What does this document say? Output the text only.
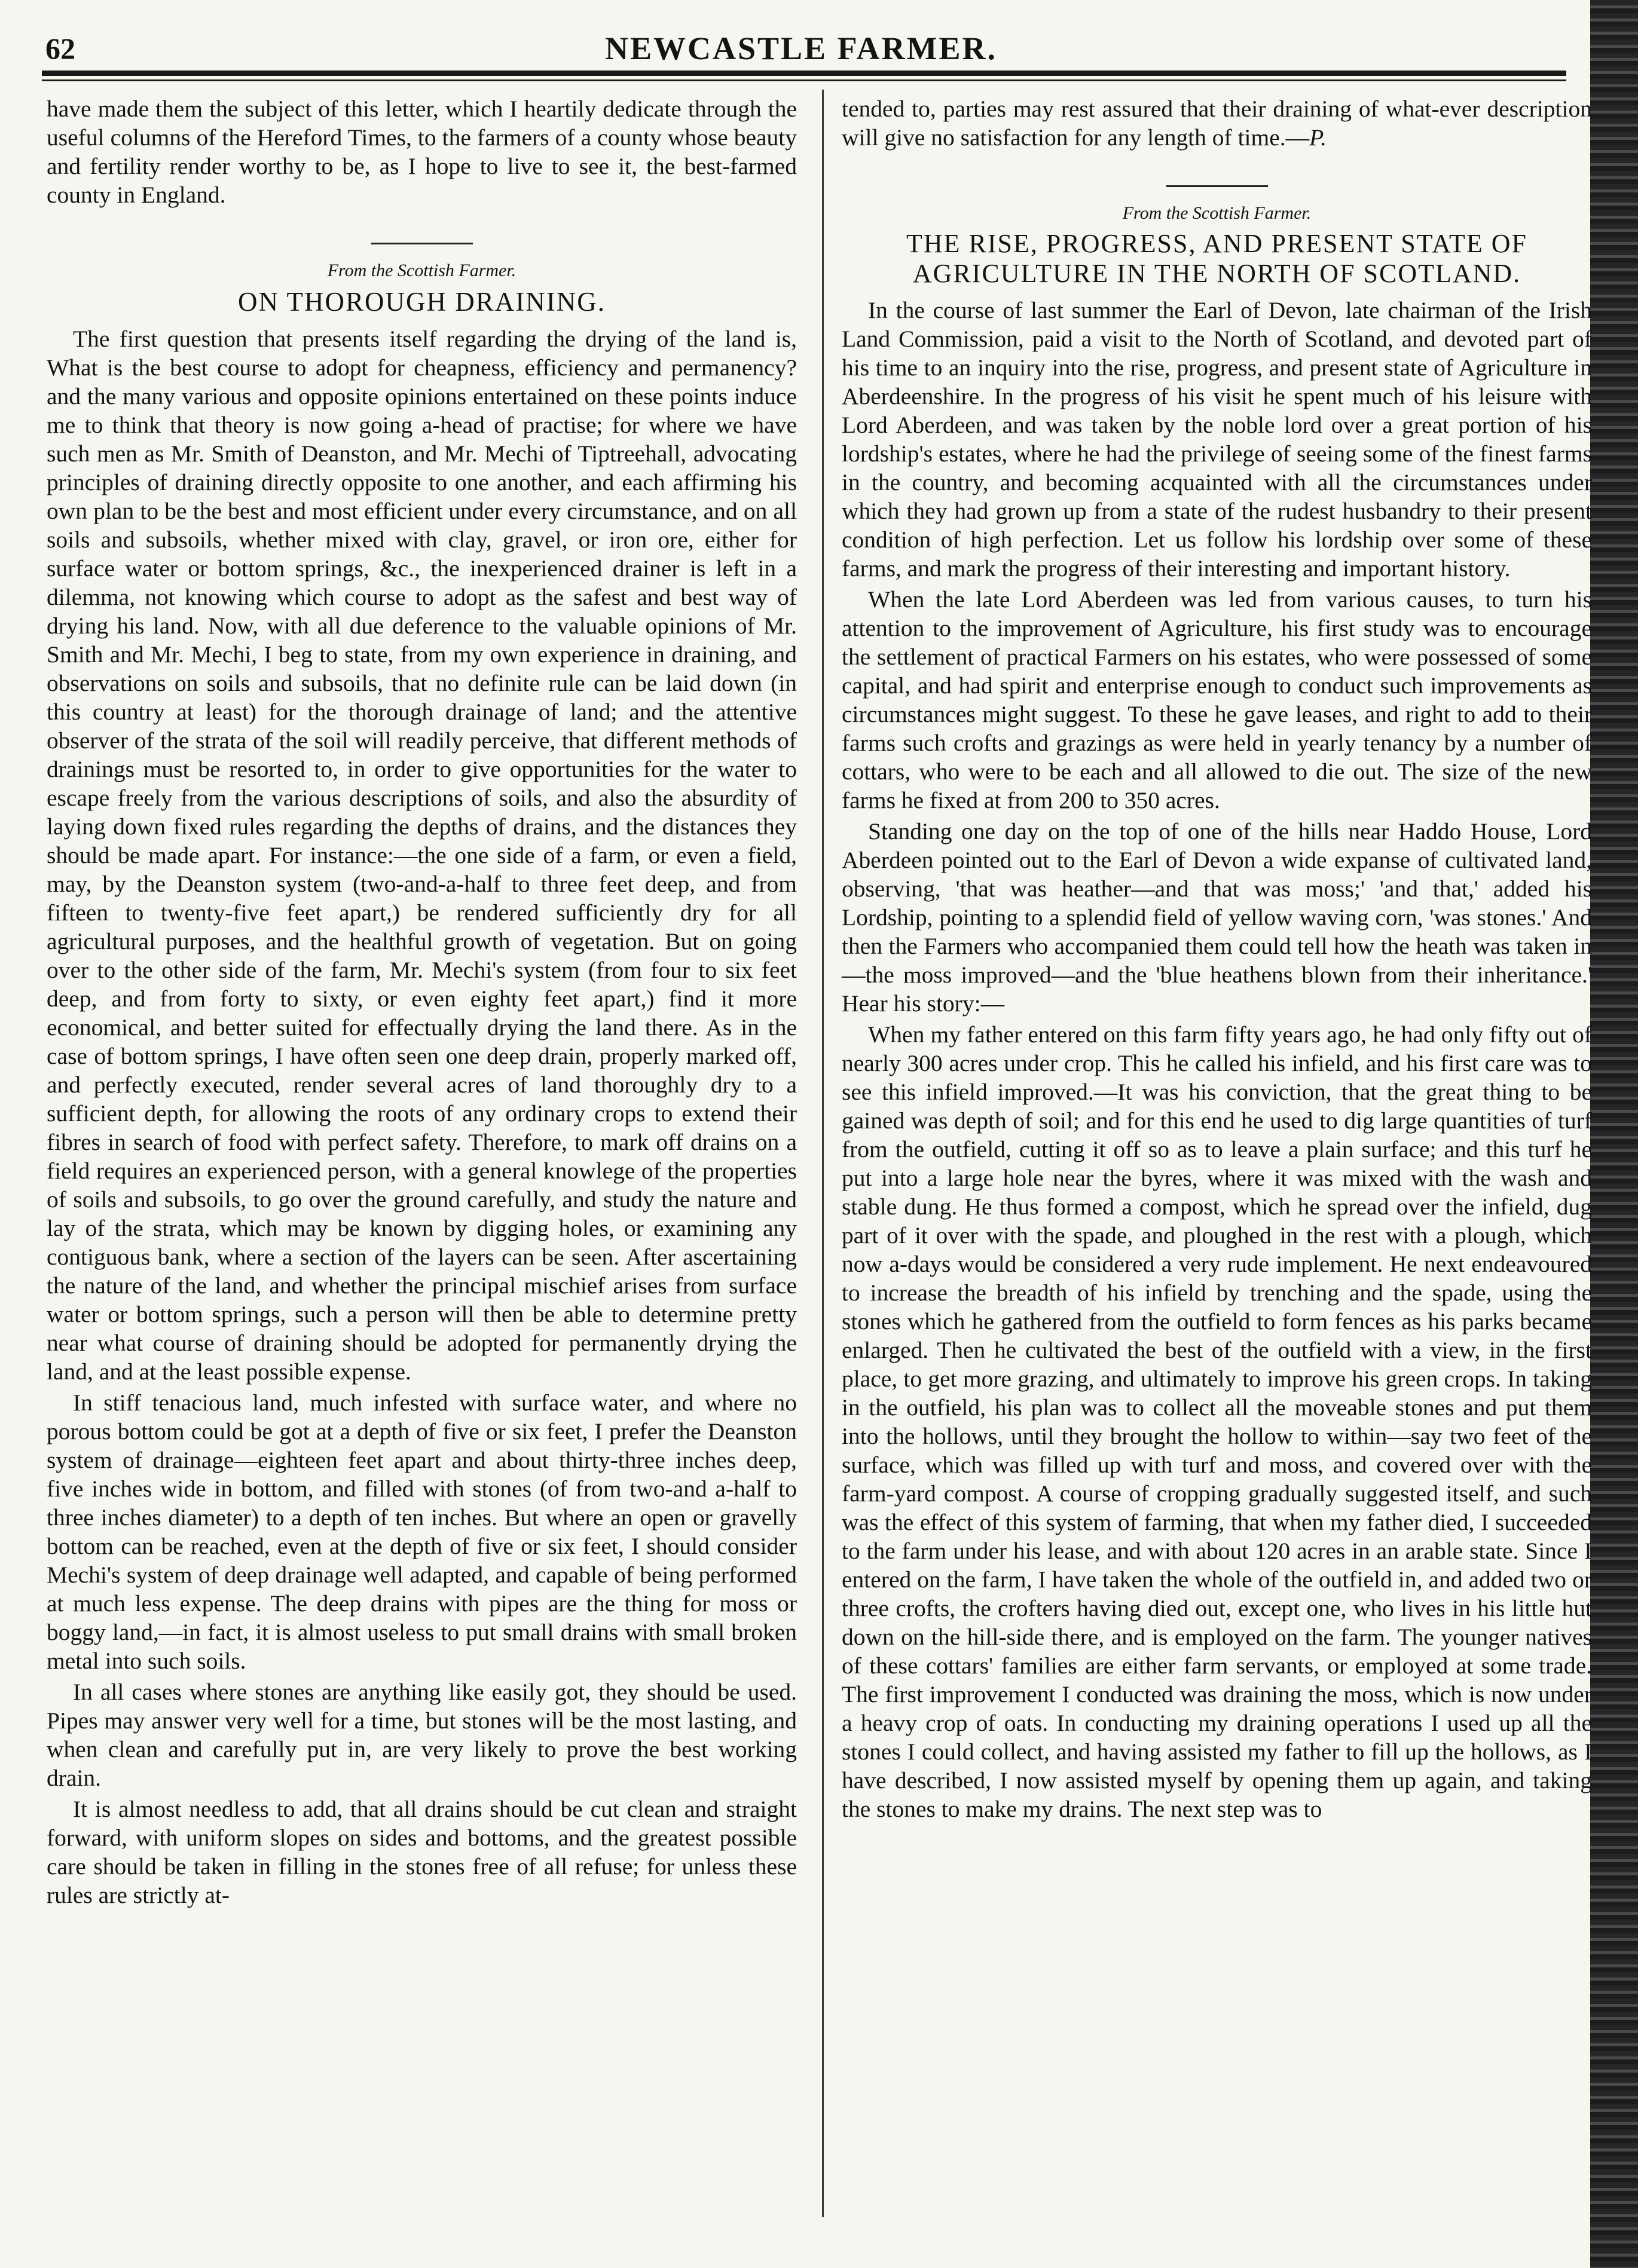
62	NEWCASTLE FARMER.

have made them the subject of this letter, which I heartily dedicate through the useful columns of the Hereford Times, to the farmers of a county whose beauty and fertility render worthy to be, as I hope to live to see it, the best-farmed county in England.

From the Scottish Farmer.
ON THOROUGH DRAINING.

The first question that presents itself regarding the drying of the land is, What is the best course to adopt for cheapness, efficiency and permanency? and the many various and opposite opinions entertained on these points induce me to think that theory is now going a-head of practise; for where we have such men as Mr. Smith of Deanston, and Mr. Mechi of Tiptreehall, advocating principles of draining directly opposite to one another, and each affirming his own plan to be the best and most efficient under every circumstance, and on all soils and subsoils, whether mixed with clay, gravel, or iron ore, either for surface water or bottom springs, &c., the inexperienced drainer is left in a dilemma, not knowing which course to adopt as the safest and best way of drying his land. Now, with all due deference to the valuable opinions of Mr. Smith and Mr. Mechi, I beg to state, from my own experience in draining, and observations on soils and subsoils, that no definite rule can be laid down (in this country at least) for the thorough drainage of land; and the attentive observer of the strata of the soil will readily perceive, that different methods of drainings must be resorted to, in order to give opportunities for the water to escape freely from the various descriptions of soils, and also the absurdity of laying down fixed rules regarding the depths of drains, and the distances they should be made apart. For instance:—the one side of a farm, or even a field, may, by the Deanston system (two-and-a-half to three feet deep, and from fifteen to twenty-five feet apart,) be rendered sufficiently dry for all agricultural purposes, and the healthful growth of vegetation. But on going over to the other side of the farm, Mr. Mechi's system (from four to six feet deep, and from forty to sixty, or even eighty feet apart,) find it more economical, and better suited for effectually drying the land there. As in the case of bottom springs, I have often seen one deep drain, properly marked off, and perfectly executed, render several acres of land thoroughly dry to a sufficient depth, for allowing the roots of any ordinary crops to extend their fibres in search of food with perfect safety. Therefore, to mark off drains on a field requires an experienced person, with a general knowlege of the properties of soils and subsoils, to go over the ground carefully, and study the nature and lay of the strata, which may be known by digging holes, or examining any contiguous bank, where a section of the layers can be seen. After ascertaining the nature of the land, and whether the principal mischief arises from surface water or bottom springs, such a person will then be able to determine pretty near what course of draining should be adopted for permanently drying the land, and at the least possible expense.

In stiff tenacious land, much infested with surface water, and where no porous bottom could be got at a depth of five or six feet, I prefer the Deanston system of drainage—eighteen feet apart and about thirty-three inches deep, five inches wide in bottom, and filled with stones (of from two-and a-half to three inches diameter) to a depth of ten inches. But where an open or gravelly bottom can be reached, even at the depth of five or six feet, I should consider Mechi's system of deep drainage well adapted, and capable of being performed at much less expense. The deep drains with pipes are the thing for moss or boggy land,—in fact, it is almost useless to put small drains with small broken metal into such soils.

In all cases where stones are anything like easily got, they should be used. Pipes may answer very well for a time, but stones will be the most lasting, and when clean and carefully put in, are very likely to prove the best working drain.

It is almost needless to add, that all drains should be cut clean and straight forward, with uniform slopes on sides and bottoms, and the greatest possible care should be taken in filling in the stones free of all refuse; for unless these rules are strictly at-

tended to, parties may rest assured that their draining of what-ever description will give no satisfaction for any length of time.—P.

From the Scottish Farmer.
THE RISE, PROGRESS, AND PRESENT STATE OF
AGRICULTURE IN THE NORTH OF SCOTLAND.

In the course of last summer the Earl of Devon, late chairman of the Irish Land Commission, paid a visit to the North of Scotland, and devoted part of his time to an inquiry into the rise, progress, and present state of Agriculture in Aberdeenshire. In the progress of his visit he spent much of his leisure with Lord Aberdeen, and was taken by the noble lord over a great portion of his lordship's estates, where he had the privilege of seeing some of the finest farms in the country, and becoming acquainted with all the circumstances under which they had grown up from a state of the rudest husbandry to their present condition of high perfection. Let us follow his lordship over some of these farms, and mark the progress of their interesting and important history.

When the late Lord Aberdeen was led from various causes, to turn his attention to the improvement of Agriculture, his first study was to encourage the settlement of practical Farmers on his estates, who were possessed of some capital, and had spirit and enterprise enough to conduct such improvements as circumstances might suggest. To these he gave leases, and right to add to their farms such crofts and grazings as were held in yearly tenancy by a number of cottars, who were to be each and all allowed to die out. The size of the new farms he fixed at from 200 to 350 acres.

Standing one day on the top of one of the hills near Haddo House, Lord Aberdeen pointed out to the Earl of Devon a wide expanse of cultivated land, observing, 'that was heather—and that was moss;' 'and that,' added his Lordship, pointing to a splendid field of yellow waving corn, 'was stones.' And then the Farmers who accompanied them could tell how the heath was taken in—the moss improved—and the 'blue heathens blown from their inheritance.' Hear his story:—

When my father entered on this farm fifty years ago, he had only fifty out of nearly 300 acres under crop. This he called his infield, and his first care was to see this infield improved.—It was his conviction, that the great thing to be gained was depth of soil; and for this end he used to dig large quantities of turf from the outfield, cutting it off so as to leave a plain surface; and this turf he put into a large hole near the byres, where it was mixed with the wash and stable dung. He thus formed a compost, which he spread over the infield, dug part of it over with the spade, and ploughed in the rest with a plough, which now a-days would be considered a very rude implement. He next endeavoured to increase the breadth of his infield by trenching and the spade, using the stones which he gathered from the outfield to form fences as his parks became enlarged. Then he cultivated the best of the outfield with a view, in the first place, to get more grazing, and ultimately to improve his green crops. In taking in the outfield, his plan was to collect all the moveable stones and put them into the hollows, until they brought the hollow to within—say two feet of the surface, which was filled up with turf and moss, and covered over with the farm-yard compost. A course of cropping gradually suggested itself, and such was the effect of this system of farming, that when my father died, I succeeded to the farm under his lease, and with about 120 acres in an arable state. Since I entered on the farm, I have taken the whole of the outfield in, and added two or three crofts, the crofters having died out, except one, who lives in his little hut down on the hill-side there, and is employed on the farm. The younger natives of these cottars' families are either farm servants, or employed at some trade. The first improvement I conducted was draining the moss, which is now under a heavy crop of oats. In conducting my draining operations I used up all the stones I could collect, and having assisted my father to fill up the hollows, as I have described, I now assisted myself by opening them up again, and taking the stones to make my drains. The next step was to
